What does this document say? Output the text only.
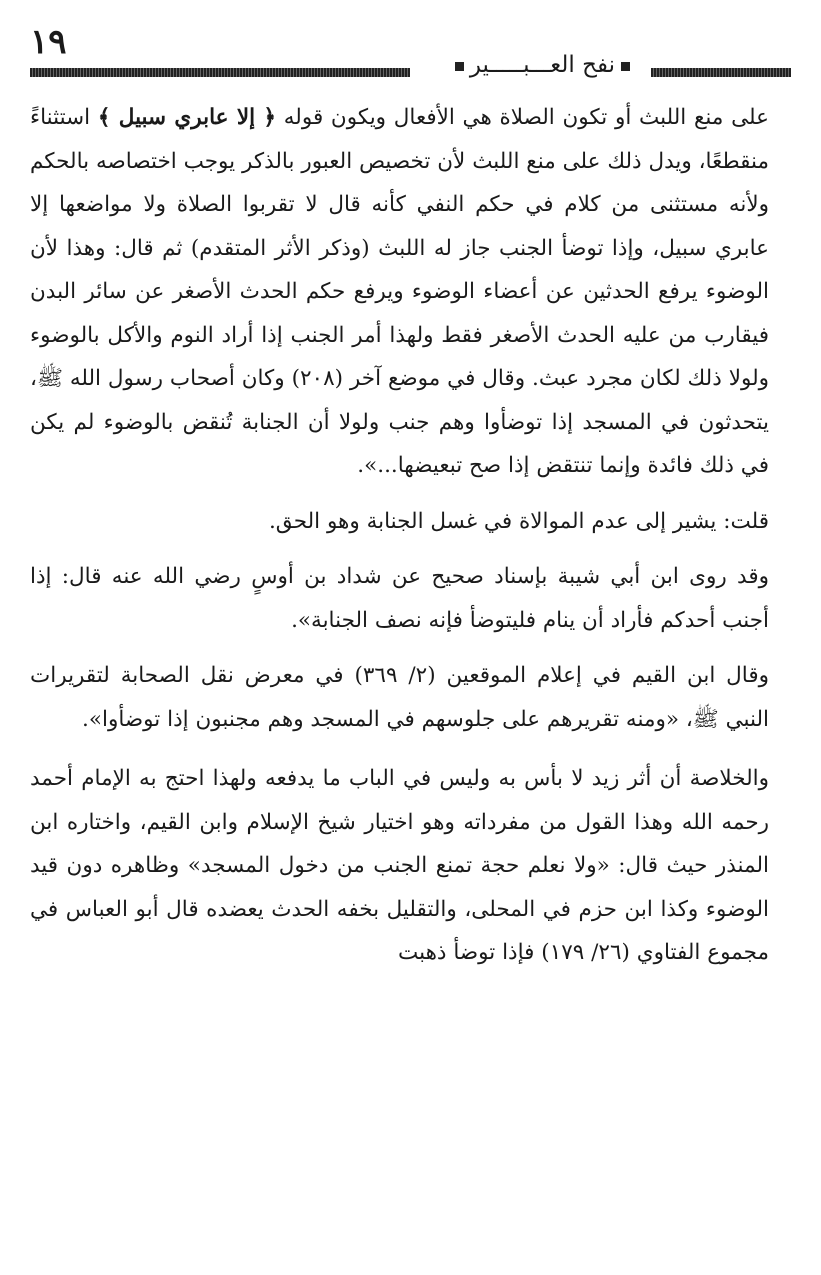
١٩
نفح العـــبـــــير

على منع اللبث أو تكون الصلاة هي الأفعال ويكون قوله ﴿ إلا عابري سبيل ﴾ استثناءً منقطعًا، ويدل ذلك على منع اللبث لأن تخصيص العبور بالذكر يوجب اختصاصه بالحكم ولأنه مستثنى من كلام في حكم النفي كأنه قال لا تقربوا الصلاة ولا مواضعها إلا عابري سبيل، وإذا توضأ الجنب جاز له اللبث (وذكر الأثر المتقدم) ثم قال: وهذا لأن الوضوء يرفع الحدثين عن أعضاء الوضوء ويرفع حكم الحدث الأصغر عن سائر البدن فيقارب من عليه الحدث الأصغر فقط ولهذا أمر الجنب إذا أراد النوم والأكل بالوضوء ولولا ذلك لكان مجرد عبث. وقال في موضع آخر (٢٠٨) وكان أصحاب رسول الله ﷺ، يتحدثون في المسجد إذا توضأوا وهم جنب ولولا أن الجنابة تُنقض بالوضوء لم يكن في ذلك فائدة وإنما تنتقض إذا صح تبعيضها...».

قلت: يشير إلى عدم الموالاة في غسل الجنابة وهو الحق.

وقد روى ابن أبي شيبة بإسناد صحيح عن شداد بن أوسٍ رضي الله عنه قال: إذا أجنب أحدكم فأراد أن ينام فليتوضأ فإنه نصف الجنابة».

وقال ابن القيم في إعلام الموقعين (٢/ ٣٦٩) في معرض نقل الصحابة لتقريرات النبي ﷺ، «ومنه تقريرهم على جلوسهم في المسجد وهم مجنبون إذا توضأوا».

والخلاصة أن أثر زيد لا بأس به وليس في الباب ما يدفعه ولهذا احتج به الإمام أحمد رحمه الله وهذا القول من مفرداته وهو اختيار شيخ الإسلام وابن القيم، واختاره ابن المنذر حيث قال: «ولا نعلم حجة تمنع الجنب من دخول المسجد» وظاهره دون قيد الوضوء وكذا ابن حزم في المحلى، والتقليل بخفه الحدث يعضده قال أبو العباس في مجموع الفتاوي (٢٦/ ١٧٩) فإذا توضأ ذهبت
